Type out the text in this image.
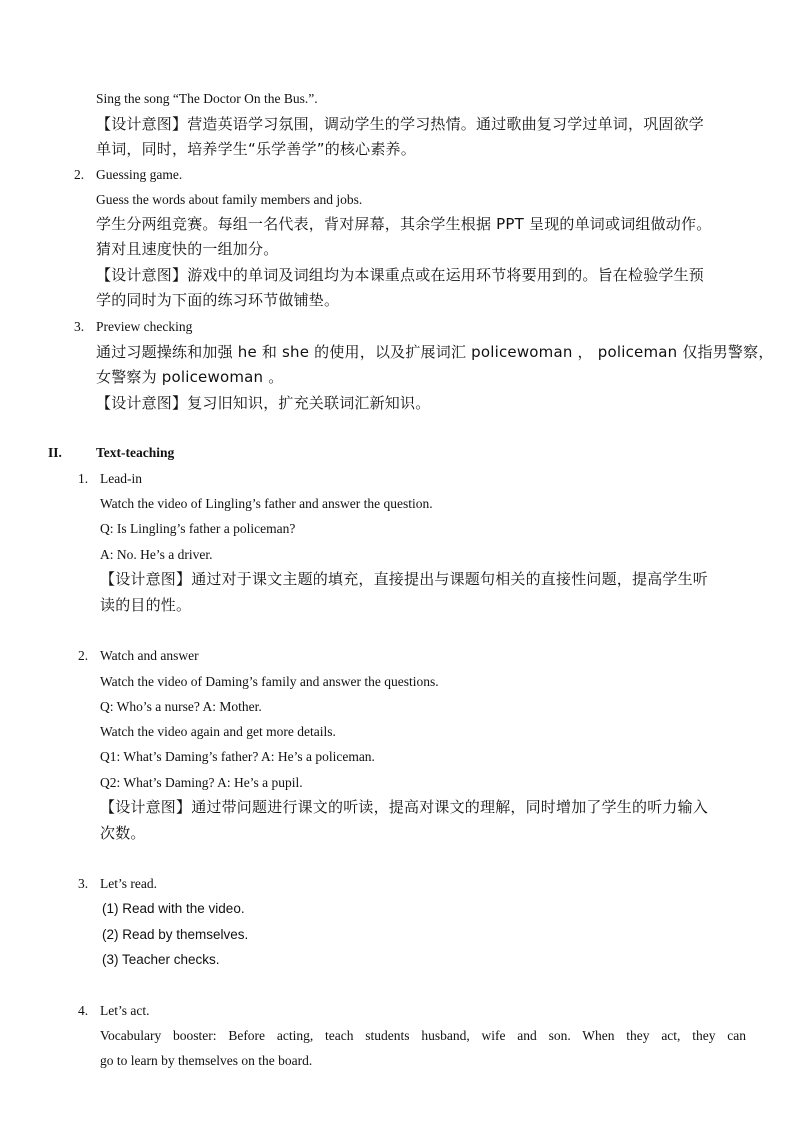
Sing the song “The Doctor On the Bus.”.
【设计意图】营造英语学习氛围，调动学生的学习热情。通过歌曲复习学过单词，巩固欲学
单词，同时，培养学生“乐学善学”的核心素养。
2. Guessing game.
Guess the words about family members and jobs.
学生分两组竞赛。每组一名代表，背对屏幕，其余学生根据 PPT 呈现的单词或词组做动作。
猜对且速度快的一组加分。
【设计意图】游戏中的单词及词组均为本课重点或在运用环节将要用到的。旨在检验学生预
学的同时为下面的练习环节做铺垫。
3. Preview checking
通过习题操练和加强 he 和 she 的使用，以及扩展词汇 policewoman ， policeman 仅指男警察，
女警察为 policewoman 。
【设计意图】复习旧知识，扩充关联词汇新知识。
II.	Text-teaching
1. Lead-in
Watch the video of Lingling’s father and answer the question.
Q: Is Lingling’s father a policeman?
A: No. He’s a driver.
【设计意图】通过对于课文主题的填充，直接提出与课题句相关的直接性问题，提高学生听
读的目的性。
2. Watch and answer
Watch the video of Daming’s family and answer the questions.
Q: Who’s a nurse? A: Mother.
Watch the video again and get more details.
Q1: What’s Daming’s father? A: He’s a policeman.
Q2: What’s Daming? A: He’s a pupil.
【设计意图】通过带问题进行课文的听读，提高对课文的理解，同时增加了学生的听力输入
次数。
3. Let’s read.
(1) Read with the video.
(2) Read by themselves.
(3) Teacher checks.
4. Let’s act.
Vocabulary booster: Before acting, teach students husband, wife and son. When they act, they can
go to learn by themselves on the board.
